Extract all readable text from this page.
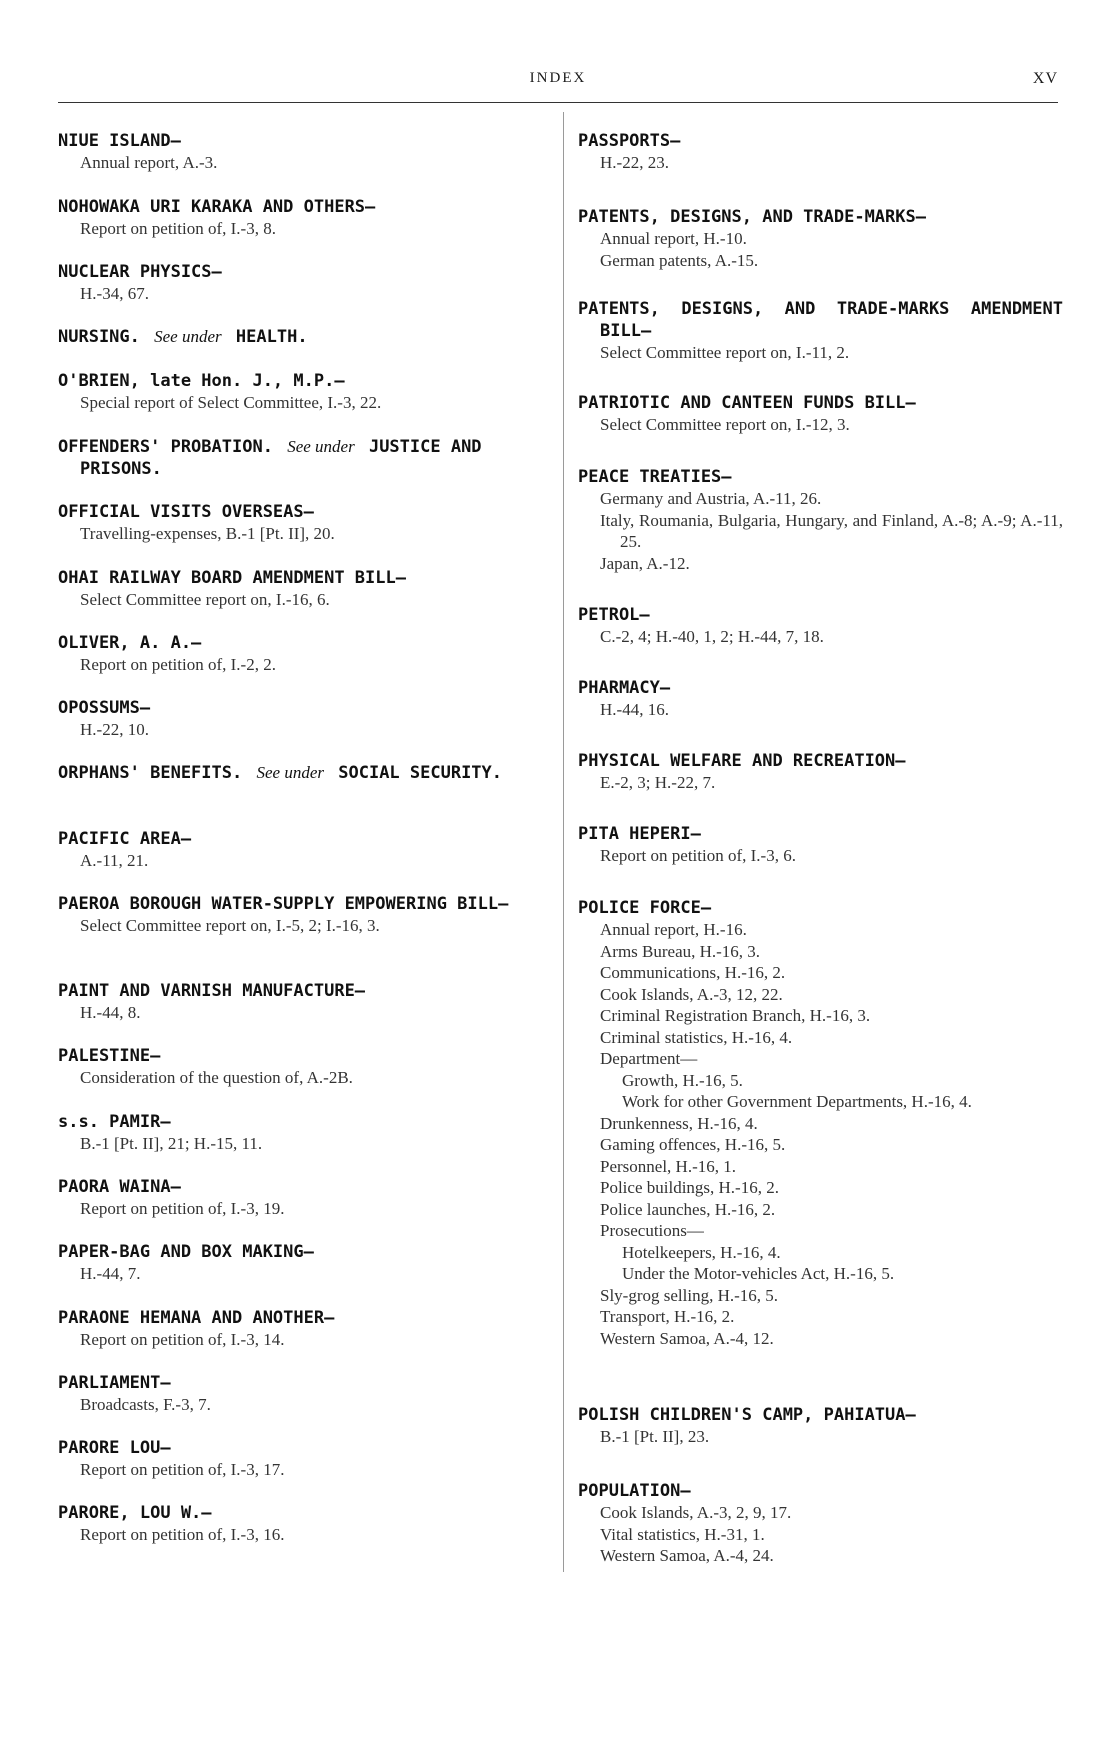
INDEX	XV
NIUE ISLAND—
Annual report, A.-3.
NOHOWAKA URI KARAKA AND OTHERS—
Report on petition of, I.-3, 8.
NUCLEAR PHYSICS—
H.-34, 67.
NURSING. See under HEALTH.
O'BRIEN, late Hon. J., M.P.—
Special report of Select Committee, I.-3, 22.
OFFENDERS' PROBATION. See under JUSTICE AND PRISONS.
OFFICIAL VISITS OVERSEAS—
Travelling-expenses, B.-1 [Pt. II], 20.
OHAI RAILWAY BOARD AMENDMENT BILL—
Select Committee report on, I.-16, 6.
OLIVER, A. A.—
Report on petition of, I.-2, 2.
OPOSSUMS—
H.-22, 10.
ORPHANS' BENEFITS. See under SOCIAL SECURITY.
PACIFIC AREA—
A.-11, 21.
PAEROA BOROUGH WATER-SUPPLY EMPOWERING BILL—
Select Committee report on, I.-5, 2; I.-16, 3.
PAINT AND VARNISH MANUFACTURE—
H.-44, 8.
PALESTINE—
Consideration of the question of, A.-2B.
s.s. PAMIR—
B.-1 [Pt. II], 21; H.-15, 11.
PAORA WAINA—
Report on petition of, I.-3, 19.
PAPER-BAG AND BOX MAKING—
H.-44, 7.
PARAONE HEMANA AND ANOTHER—
Report on petition of, I.-3, 14.
PARLIAMENT—
Broadcasts, F.-3, 7.
PARORE LOU—
Report on petition of, I.-3, 17.
PARORE, LOU W.—
Report on petition of, I.-3, 16.
PASSPORTS—
H.-22, 23.
PATENTS, DESIGNS, AND TRADE-MARKS—
Annual report, H.-10.
German patents, A.-15.
PATENTS, DESIGNS, AND TRADE-MARKS AMENDMENT BILL—
Select Committee report on, I.-11, 2.
PATRIOTIC AND CANTEEN FUNDS BILL—
Select Committee report on, I.-12, 3.
PEACE TREATIES—
Germany and Austria, A.-11, 26.
Italy, Roumania, Bulgaria, Hungary, and Finland, A.-8; A.-9; A.-11, 25.
Japan, A.-12.
PETROL—
C.-2, 4; H.-40, 1, 2; H.-44, 7, 18.
PHARMACY—
H.-44, 16.
PHYSICAL WELFARE AND RECREATION—
E.-2, 3; H.-22, 7.
PITA HEPERI—
Report on petition of, I.-3, 6.
POLICE FORCE—
Annual report, H.-16.
Arms Bureau, H.-16, 3.
Communications, H.-16, 2.
Cook Islands, A.-3, 12, 22.
Criminal Registration Branch, H.-16, 3.
Criminal statistics, H.-16, 4.
Department—
Growth, H.-16, 5.
Work for other Government Departments, H.-16, 4.
Drunkenness, H.-16, 4.
Gaming offences, H.-16, 5.
Personnel, H.-16, 1.
Police buildings, H.-16, 2.
Police launches, H.-16, 2.
Prosecutions—
Hotelkeepers, H.-16, 4.
Under the Motor-vehicles Act, H.-16, 5.
Sly-grog selling, H.-16, 5.
Transport, H.-16, 2.
Western Samoa, A.-4, 12.
POLISH CHILDREN'S CAMP, PAHIATUA—
B.-1 [Pt. II], 23.
POPULATION—
Cook Islands, A.-3, 2, 9, 17.
Vital statistics, H.-31, 1.
Western Samoa, A.-4, 24.
